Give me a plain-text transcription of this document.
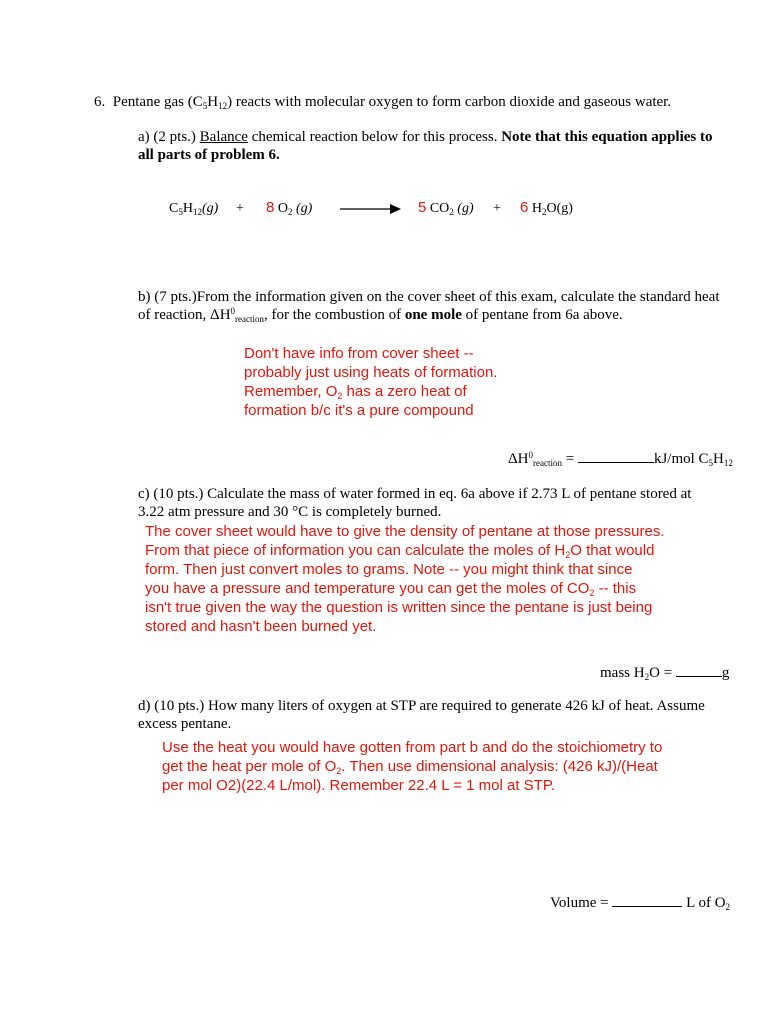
6. Pentane gas $(C_5H_{12})$ reacts with molecular oxygen to form carbon dioxide and gaseous water.
a) (2 pts.) Balance chemical reaction below for this process. Note that this equation applies to
all parts of problem 6.
$C_5H_{12}(g) + 8$ $O_2$ (g) → 5 $CO_2$ (g) + 6 $H_2O(g)$
b) (7 pts.)From the information given on the cover sheet of this exam, calculate the standard heat
of reaction, $\Delta H^0_{reaction}$, for the combustion of one mole of pentane from 6a above.
Don't have info from cover sheet --
probably just using heats of formation.
Remember, $O_2$ has a zero heat of
formation b/c it's a pure compound
$\Delta H^0_{reaction}$ =	kJ/mol $C_5H_{12}$
c) (10 pts.) Calculate the mass of water formed in eq. 6a above if 2.73 L of pentane stored at
3.22 atm pressure and 30 °C is completely burned.
The cover sheet would have to give the density of pentane at those pressures.
From that piece of information you can calculate the moles of $H_2O$ that would
form. Then just convert moles to grams. Note -- you might think that since
you have a pressure and temperature you can get the moles of $CO_2$ -- this
isn't true given the way the question is written since the pentane is just being
stored and hasn't been burned yet.
mass $H_2O$ =	g
d) (10 pts.) How many liters of oxygen at STP are required to generate 426 kJ of heat. Assume
excess pentane.
Use the heat you would have gotten from part b and do the stoichiometry to
get the heat per mole of $O_2$. Then use dimensional analysis: (426 kJ)/(Heat
per mol O2)(22.4 L/mol). Remember 22.4 L = 1 mol at STP.
Volume =	L of $O_2$
